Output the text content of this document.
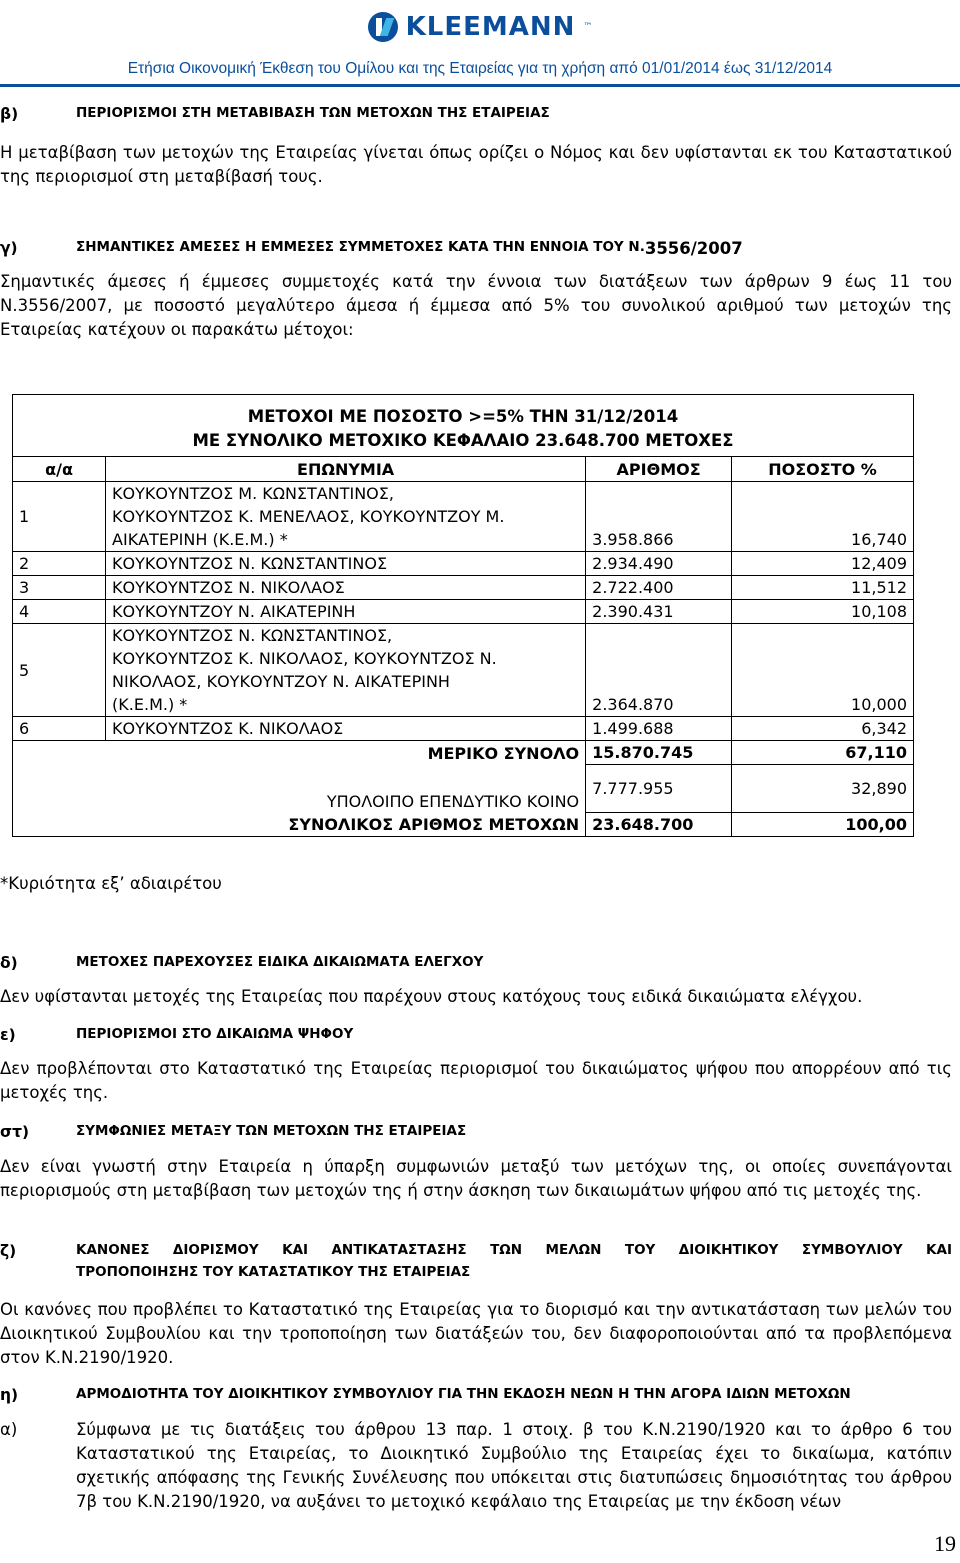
KLEEMANN ™
Ετήσια Οικονομική Έκθεση του Ομίλου και της Εταιρείας για τη χρήση από 01/01/2014 έως 31/12/2014
β)	ΠΕΡΙΟΡΙΣΜΟΙ ΣΤΗ ΜΕΤΑΒΙΒΑΣΗ ΤΩΝ ΜΕΤΟΧΩΝ ΤΗΣ ΕΤΑΙΡΕΙΑΣ
Η μεταβίβαση των μετοχών της Εταιρείας γίνεται όπως ορίζει ο Νόμος και δεν υφίστανται εκ του Καταστατικού της περιορισμοί στη μεταβίβασή τους.
γ)	ΣΗΜΑΝΤΙΚΕΣ ΑΜΕΣΕΣ Η ΕΜΜΕΣΕΣ ΣΥΜΜΕΤΟΧΕΣ ΚΑΤΑ ΤΗΝ ΕΝΝΟΙΑ ΤΟΥ Ν. 3556/2007
Σημαντικές άμεσες ή έμμεσες συμμετοχές κατά την έννοια των διατάξεων των άρθρων 9 έως 11 του Ν.3556/2007, με ποσοστό μεγαλύτερο άμεσα ή έμμεσα από 5% του συνολικού αριθμού των μετοχών της Εταιρείας κατέχουν οι παρακάτω μέτοχοι:
ΜΕΤΟΧΟΙ ΜΕ ΠΟΣΟΣΤΟ >=5% ΤΗΝ 31/12/2014
ΜΕ ΣΥΝΟΛΙΚΟ ΜΕΤΟΧΙΚΟ ΚΕΦΑΛΑΙΟ 23.648.700 ΜΕΤΟΧΕΣ			

α/α	ΕΠΩΝΥΜΙΑ	ΑΡΙΘΜΟΣ	ΠΟΣΟΣΤΟ %
1	ΚΟΥΚΟΥΝΤΖΟΣ Μ. ΚΩΝΣΤΑΝΤΙΝΟΣ,
ΚΟΥΚΟΥΝΤΖΟΣ Κ. ΜΕΝΕΛΑΟΣ, ΚΟΥΚΟΥΝΤΖΟΥ Μ.
ΑΙΚΑΤΕΡΙΝΗ (Κ.Ε.Μ.) *	3.958.866	16,740
2	ΚΟΥΚΟΥΝΤΖΟΣ Ν. ΚΩΝΣΤΑΝΤΙΝΟΣ	2.934.490	12,409
3	ΚΟΥΚΟΥΝΤΖΟΣ Ν. ΝΙΚΟΛΑΟΣ	2.722.400	11,512
4	ΚΟΥΚΟΥΝΤΖΟΥ Ν. ΑΙΚΑΤΕΡΙΝΗ	2.390.431	10,108
5	ΚΟΥΚΟΥΝΤΖΟΣ Ν. ΚΩΝΣΤΑΝΤΙΝΟΣ,
ΚΟΥΚΟΥΝΤΖΟΣ Κ. ΝΙΚΟΛΑΟΣ, ΚΟΥΚΟΥΝΤΖΟΣ Ν.
ΝΙΚΟΛΑΟΣ, ΚΟΥΚΟΥΝΤΖΟΥ Ν. ΑΙΚΑΤΕΡΙΝΗ
(Κ.Ε.Μ.) *	2.364.870	10,000
6	ΚΟΥΚΟΥΝΤΖΟΣ Κ. ΝΙΚΟΛΑΟΣ	1.499.688	6,342
	ΜΕΡΙΚΟ ΣΥΝΟΛΟ	15.870.745	67,110
	ΥΠΟΛΟΙΠΟ ΕΠΕΝΔΥΤΙΚΟ ΚΟΙΝΟ	7.777.955	32,890
	ΣΥΝΟΛΙΚΟΣ ΑΡΙΘΜΟΣ ΜΕΤΟΧΩΝ	23.648.700	100,00
*Κυριότητα εξ’ αδιαιρέτου
δ)	ΜΕΤΟΧΕΣ ΠΑΡΕΧΟΥΣΕΣ ΕΙΔΙΚΑ ΔΙΚΑΙΩΜΑΤΑ ΕΛΕΓΧΟΥ
Δεν υφίστανται μετοχές της Εταιρείας που παρέχουν στους κατόχους τους ειδικά δικαιώματα ελέγχου.
ε)	ΠΕΡΙΟΡΙΣΜΟΙ ΣΤΟ ΔΙΚΑΙΩΜΑ ΨΗΦΟΥ
Δεν προβλέπονται στο Καταστατικό της Εταιρείας περιορισμοί του δικαιώματος ψήφου που απορρέουν από τις μετοχές της.
στ)	ΣΥΜΦΩΝΙΕΣ ΜΕΤΑΞΥ ΤΩΝ ΜΕΤΟΧΩΝ ΤΗΣ ΕΤΑΙΡΕΙΑΣ
Δεν είναι γνωστή στην Εταιρεία η ύπαρξη συμφωνιών μεταξύ των μετόχων της, οι οποίες συνεπάγονται περιορισμούς στη μεταβίβαση των μετοχών της ή στην άσκηση των δικαιωμάτων ψήφου από τις μετοχές της.
ζ)	ΚΑΝΟΝΕΣ ΔΙΟΡΙΣΜΟΥ ΚΑΙ ΑΝΤΙΚΑΤΑΣΤΑΣΗΣ ΤΩΝ ΜΕΛΩΝ ΤΟΥ ΔΙΟΙΚΗΤΙΚΟΥ ΣΥΜΒΟΥΛΙΟΥ ΚΑΙ
ΤΡΟΠΟΠΟΙΗΣΗΣ ΤΟΥ ΚΑΤΑΣΤΑΤΙΚΟΥ ΤΗΣ ΕΤΑΙΡΕΙΑΣ
Οι κανόνες που προβλέπει το Καταστατικό της Εταιρείας για το διορισμό και την αντικατάσταση των μελών του Διοικητικού Συμβουλίου και την τροποποίηση των διατάξεών του, δεν διαφοροποιούνται από τα προβλεπόμενα στον Κ.Ν.2190/1920.
η)	ΑΡΜΟΔΙΟΤΗΤΑ ΤΟΥ ΔΙΟΙΚΗΤΙΚΟΥ ΣΥΜΒΟΥΛΙΟΥ ΓΙΑ ΤΗΝ ΕΚΔΟΣΗ ΝΕΩΝ Η ΤΗΝ ΑΓΟΡΑ ΙΔΙΩΝ ΜΕΤΟΧΩΝ
α)	Σύμφωνα με τις διατάξεις του άρθρου 13 παρ. 1 στοιχ. β του Κ.Ν.2190/1920 και το άρθρο 6 του Καταστατικού της Εταιρείας, το Διοικητικό Συμβούλιο της Εταιρείας έχει το δικαίωμα, κατόπιν σχετικής απόφασης της Γενικής Συνέλευσης που υπόκειται στις διατυπώσεις δημοσιότητας του άρθρου 7β του Κ.Ν.2190/1920, να αυξάνει το μετοχικό κεφάλαιο της Εταιρείας με την έκδοση νέων
19
